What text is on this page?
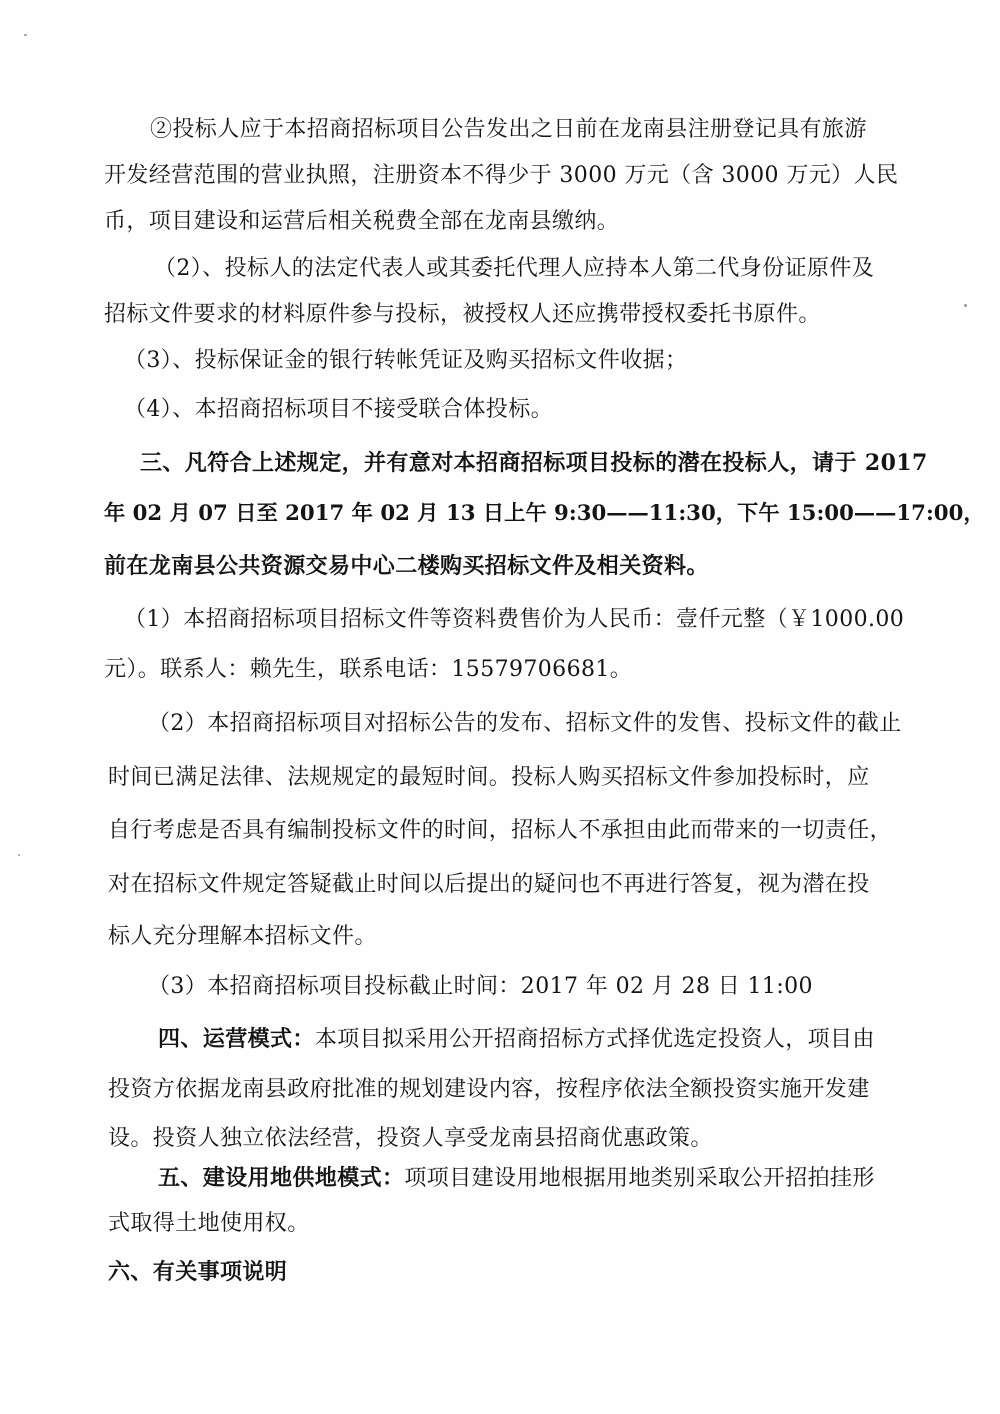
②投标人应于本招商招标项目公告发出之日前在龙南县注册登记具有旅游
开发经营范围的营业执照，注册资本不得少于 3000 万元（含 3000 万元）人民
币，项目建设和运营后相关税费全部在龙南县缴纳。
（2）、投标人的法定代表人或其委托代理人应持本人第二代身份证原件及
招标文件要求的材料原件参与投标，被授权人还应携带授权委托书原件。
（3）、投标保证金的银行转帐凭证及购买招标文件收据；
（4）、本招商招标项目不接受联合体投标。
三、凡符合上述规定，并有意对本招商招标项目投标的潜在投标人，请于 2017
年 02 月 07 日至 2017 年 02 月 13 日上午 9:30——11:30，下午 15:00——17:00，
前在龙南县公共资源交易中心二楼购买招标文件及相关资料。
（1）本招商招标项目招标文件等资料费售价为人民币：壹仟元整（￥1000.00
元）。联系人：赖先生，联系电话：15579706681。
（2）本招商招标项目对招标公告的发布、招标文件的发售、投标文件的截止
时间已满足法律、法规规定的最短时间。投标人购买招标文件参加投标时，应
自行考虑是否具有编制投标文件的时间，招标人不承担由此而带来的一切责任，
对在招标文件规定答疑截止时间以后提出的疑问也不再进行答复，视为潜在投
标人充分理解本招标文件。
（3）本招商招标项目投标截止时间：2017 年 02 月 28 日 11:00
四、运营模式：本项目拟采用公开招商招标方式择优选定投资人，项目由
投资方依据龙南县政府批准的规划建设内容，按程序依法全额投资实施开发建
设。投资人独立依法经营，投资人享受龙南县招商优惠政策。
五、建设用地供地模式：项项目建设用地根据用地类别采取公开招拍挂形
式取得土地使用权。
六、有关事项说明
